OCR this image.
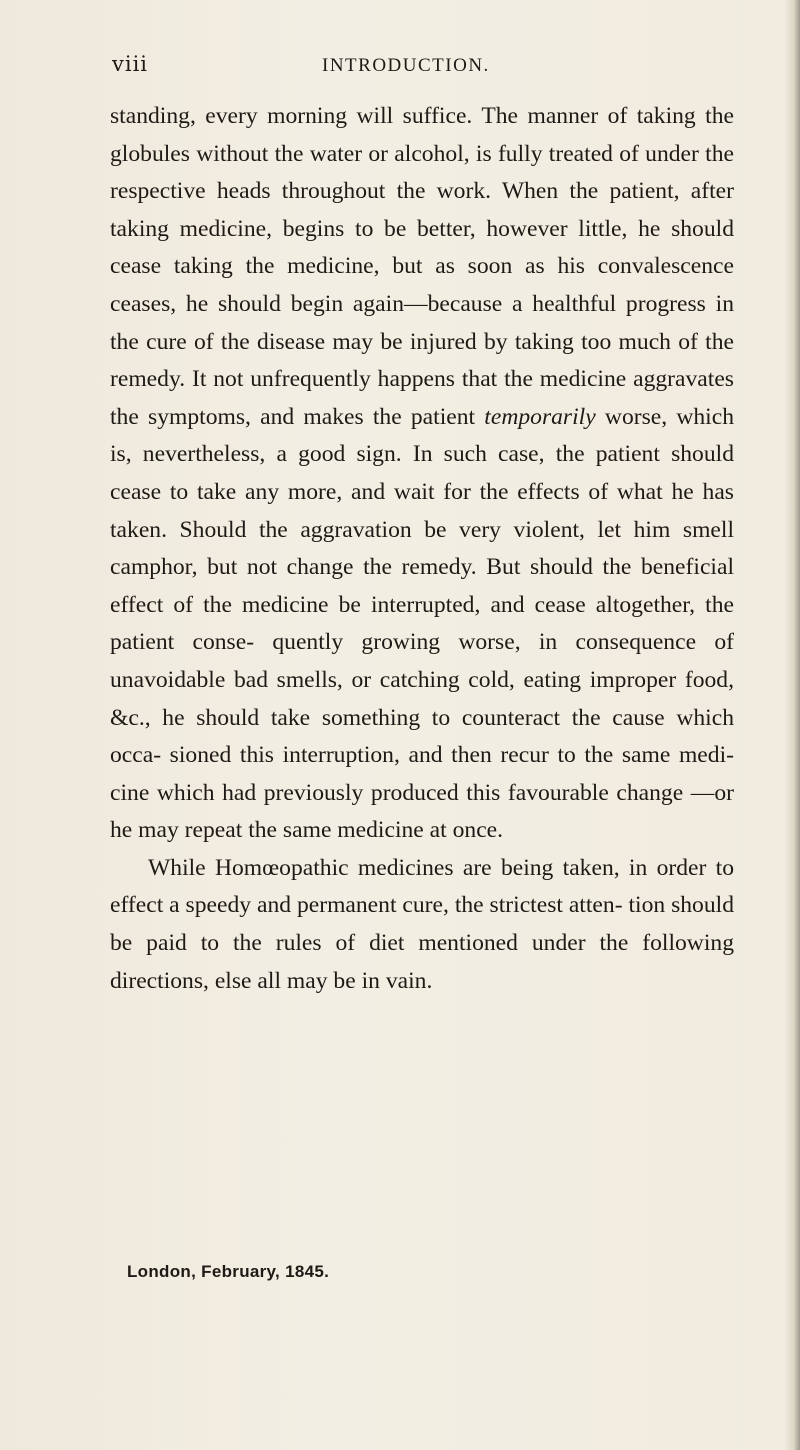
viii	INTRODUCTION.

standing, every morning will suffice. The manner of taking the globules without the water or alcohol, is fully treated of under the respective heads throughout the work. When the patient, after taking medicine, begins to be better, however little, he should cease taking the medicine, but as soon as his convalescence ceases, he should begin again—because a healthful progress in the cure of the disease may be injured by taking too much of the remedy. It not unfrequently happens that the medicine aggravates the symptoms, and makes the patient temporarily worse, which is, nevertheless, a good sign. In such case, the patient should cease to take any more, and wait for the effects of what he has taken. Should the aggravation be very violent, let him smell camphor, but not change the remedy. But should the beneficial effect of the medicine be interrupted, and cease altogether, the patient conse- quently growing worse, in consequence of unavoidable bad smells, or catching cold, eating improper food, &c., he should take something to counteract the cause which occa- sioned this interruption, and then recur to the same medi- cine which had previously produced this favourable change —or he may repeat the same medicine at once.

While Homœopathic medicines are being taken, in order to effect a speedy and permanent cure, the strictest atten- tion should be paid to the rules of diet mentioned under the following directions, else all may be in vain.

London, February, 1845.
